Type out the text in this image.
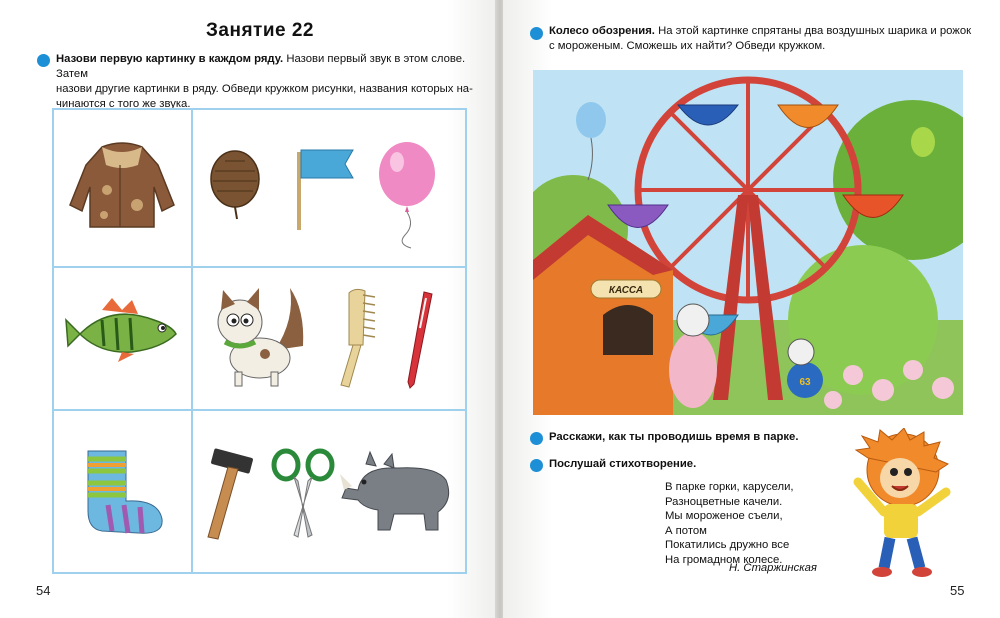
Занятие 22
Назови первую картинку в каждом ряду. Назови первый звук в этом слове. Затем
назови другие картинки в ряду. Обведи кружком рисунки, названия которых на-
чинаются с того же звука.
54
Колесо обозрения. На этой картинке спрятаны два воздушных шарика и рожок
с мороженым. Сможешь их найти? Обведи кружком.
КАССА
63
Расскажи, как ты проводишь время в парке.
Послушай стихотворение.
В парке горки, карусели,
Разноцветные качели.
Мы мороженое съели,
А потом
Покатились дружно все
На громадном колесе.
Н. Старжинская
55
